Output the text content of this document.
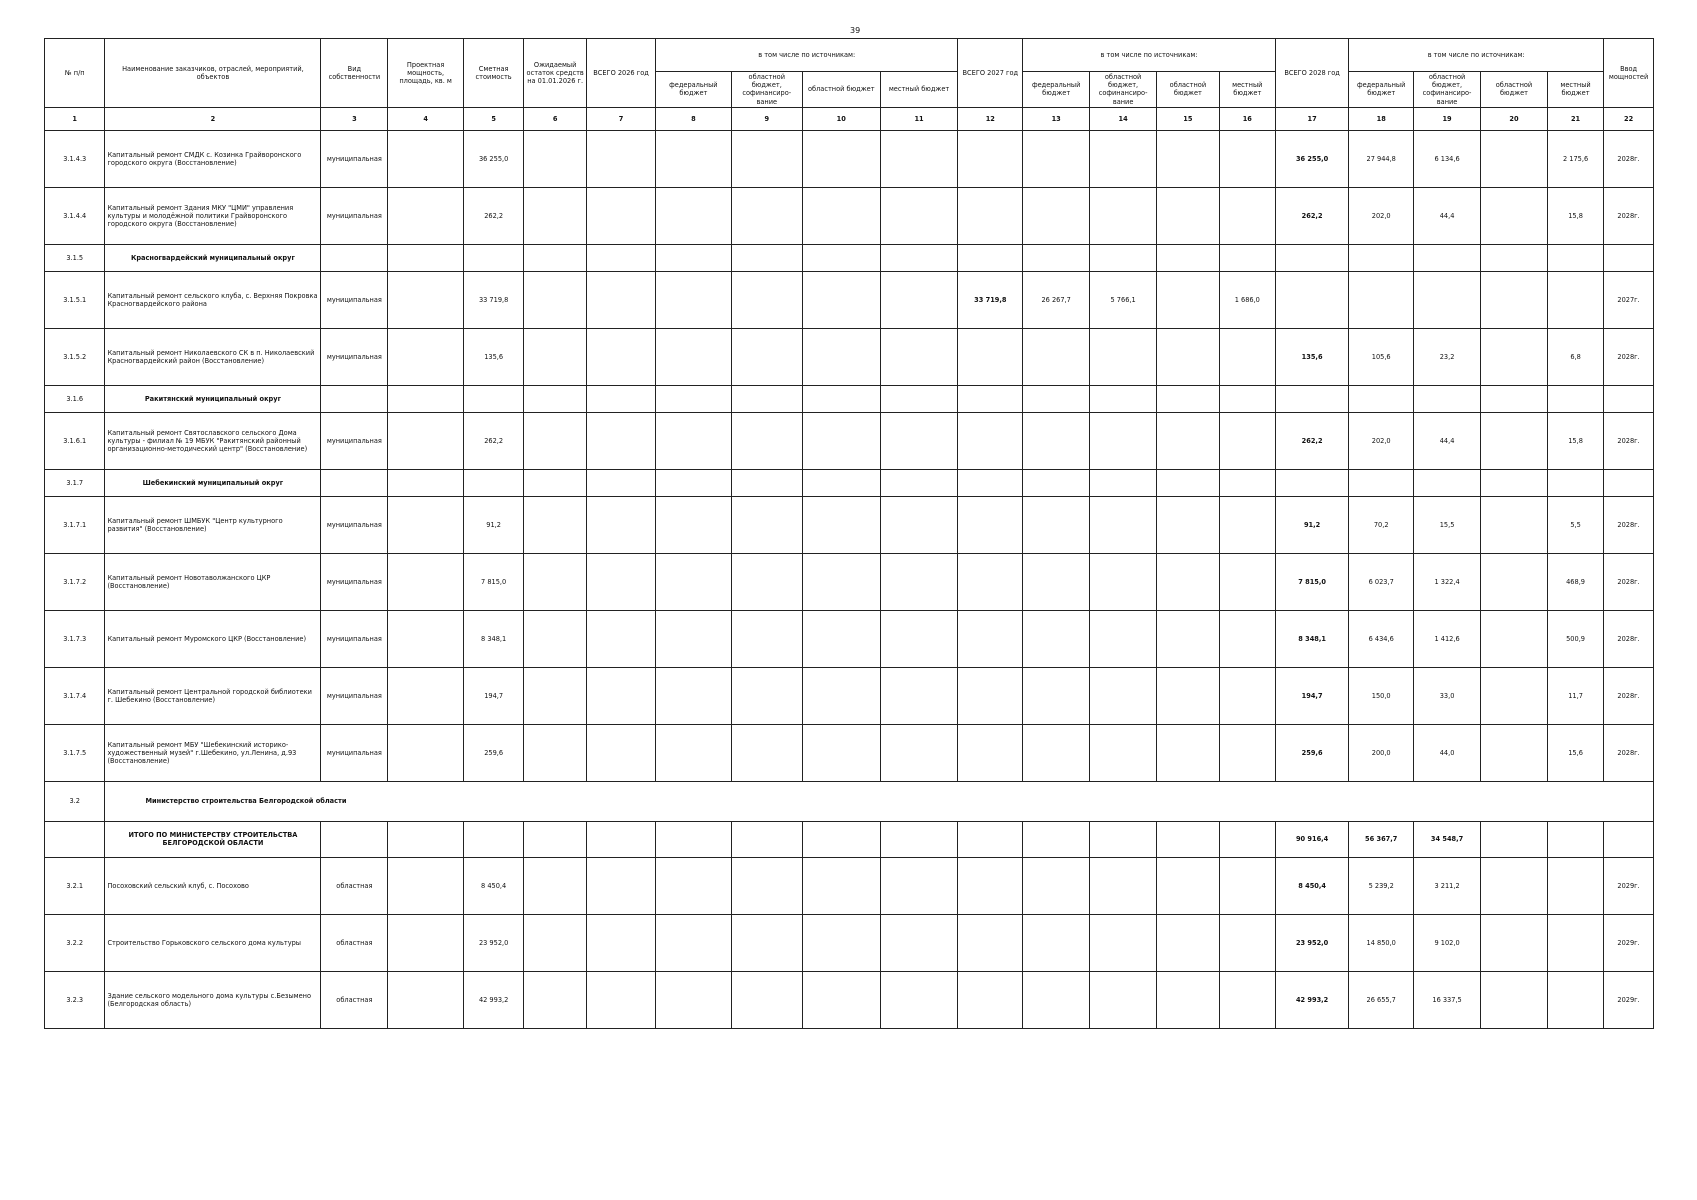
39
№ п/п	Наименование заказчиков, отраслей, мероприятий, объектов	Вид собственности	Проектная мощность, площадь, кв. м	Сметная стоимость	Ожидаемый остаток средств на 01.01.2026 г.	ВСЕГО 2026 год	в том числе по источникам:				ВСЕГО 2027 год	в том числе по источникам:				ВСЕГО 2028 год	в том числе по источникам:				Ввод мощностей
							федеральный бюджет	областной бюджет, софинансиро-вание	областной бюджет	местный бюджет		федеральный бюджет	областной бюджет, софинансиро-вание	областной бюджет	местный бюджет		федеральный бюджет	областной бюджет, софинансиро-вание	областной бюджет	местный бюджет	
1	2	3	4	5	6	7	8	9	10	11	12	13	14	15	16	17	18	19	20	21	22
3.1.4.3	Капитальный ремонт СМДК с. Козинка Грайворонского городского округа (Восстановление)	муниципальная		36 255,0												36 255,0	27 944,8	6 134,6		2 175,6	2028г.
3.1.4.4	Капитальный ремонт Здания МКУ "ЦМИ" управления культуры и молодёжной политики Грайворонского городского округа (Восстановление)	муниципальная		262,2												262,2	202,0	44,4		15,8	2028г.
3.1.5	Красногвардейский муниципальный округ																				
3.1.5.1	Капитальный ремонт сельского клуба, с. Верхняя Покровка Красногвардейского района	муниципальная		33 719,8							33 719,8	26 267,7	5 766,1		1 686,0						2027г.
3.1.5.2	Капитальный ремонт Николаевского СК в п. Николаевский Красногвардейский район (Восстановление)	муниципальная		135,6												135,6	105,6	23,2		6,8	2028г.
3.1.6	Ракитянский муниципальный округ																				
3.1.6.1	Капитальный ремонт Святославского сельского Дома культуры - филиал № 19 МБУК "Ракитянский районный организационно-методический центр" (Восстановление)	муниципальная		262,2												262,2	202,0	44,4		15,8	2028г.
3.1.7	Шебекинский муниципальный округ																				
3.1.7.1	Капитальный ремонт ШМБУК "Центр культурного развития" (Восстановление)	муниципальная		91,2												91,2	70,2	15,5		5,5	2028г.
3.1.7.2	Капитальный ремонт Новотаволжанского ЦКР (Восстановление)	муниципальная		7 815,0												7 815,0	6 023,7	1 322,4		468,9	2028г.
3.1.7.3	Капитальный ремонт Муромского ЦКР (Восстановление)	муниципальная		8 348,1												8 348,1	6 434,6	1 412,6		500,9	2028г.
3.1.7.4	Капитальный ремонт Центральной городской библиотеки г. Шебекино (Восстановление)	муниципальная		194,7												194,7	150,0	33,0		11,7	2028г.
3.1.7.5	Капитальный ремонт МБУ "Шебекинский историко-художественный музей" г.Шебекино, ул.Ленина, д.93 (Восстановление)	муниципальная		259,6												259,6	200,0	44,0		15,6	2028г.
3.2	Министерство строительства Белгородской области																				
	ИТОГО ПО МИНИСТЕРСТВУ СТРОИТЕЛЬСТВА БЕЛГОРОДСКОЙ ОБЛАСТИ															90 916,4	56 367,7	34 548,7			
3.2.1	Посоховский сельский клуб, с. Посохово	областная		8 450,4												8 450,4	5 239,2	3 211,2			2029г.
3.2.2	Строительство Горьковского сельского дома культуры	областная		23 952,0												23 952,0	14 850,0	9 102,0			2029г.
3.2.3	Здание сельского модельного дома культуры с.Безымено (Белгородская область)	областная		42 993,2												42 993,2	26 655,7	16 337,5			2029г.
